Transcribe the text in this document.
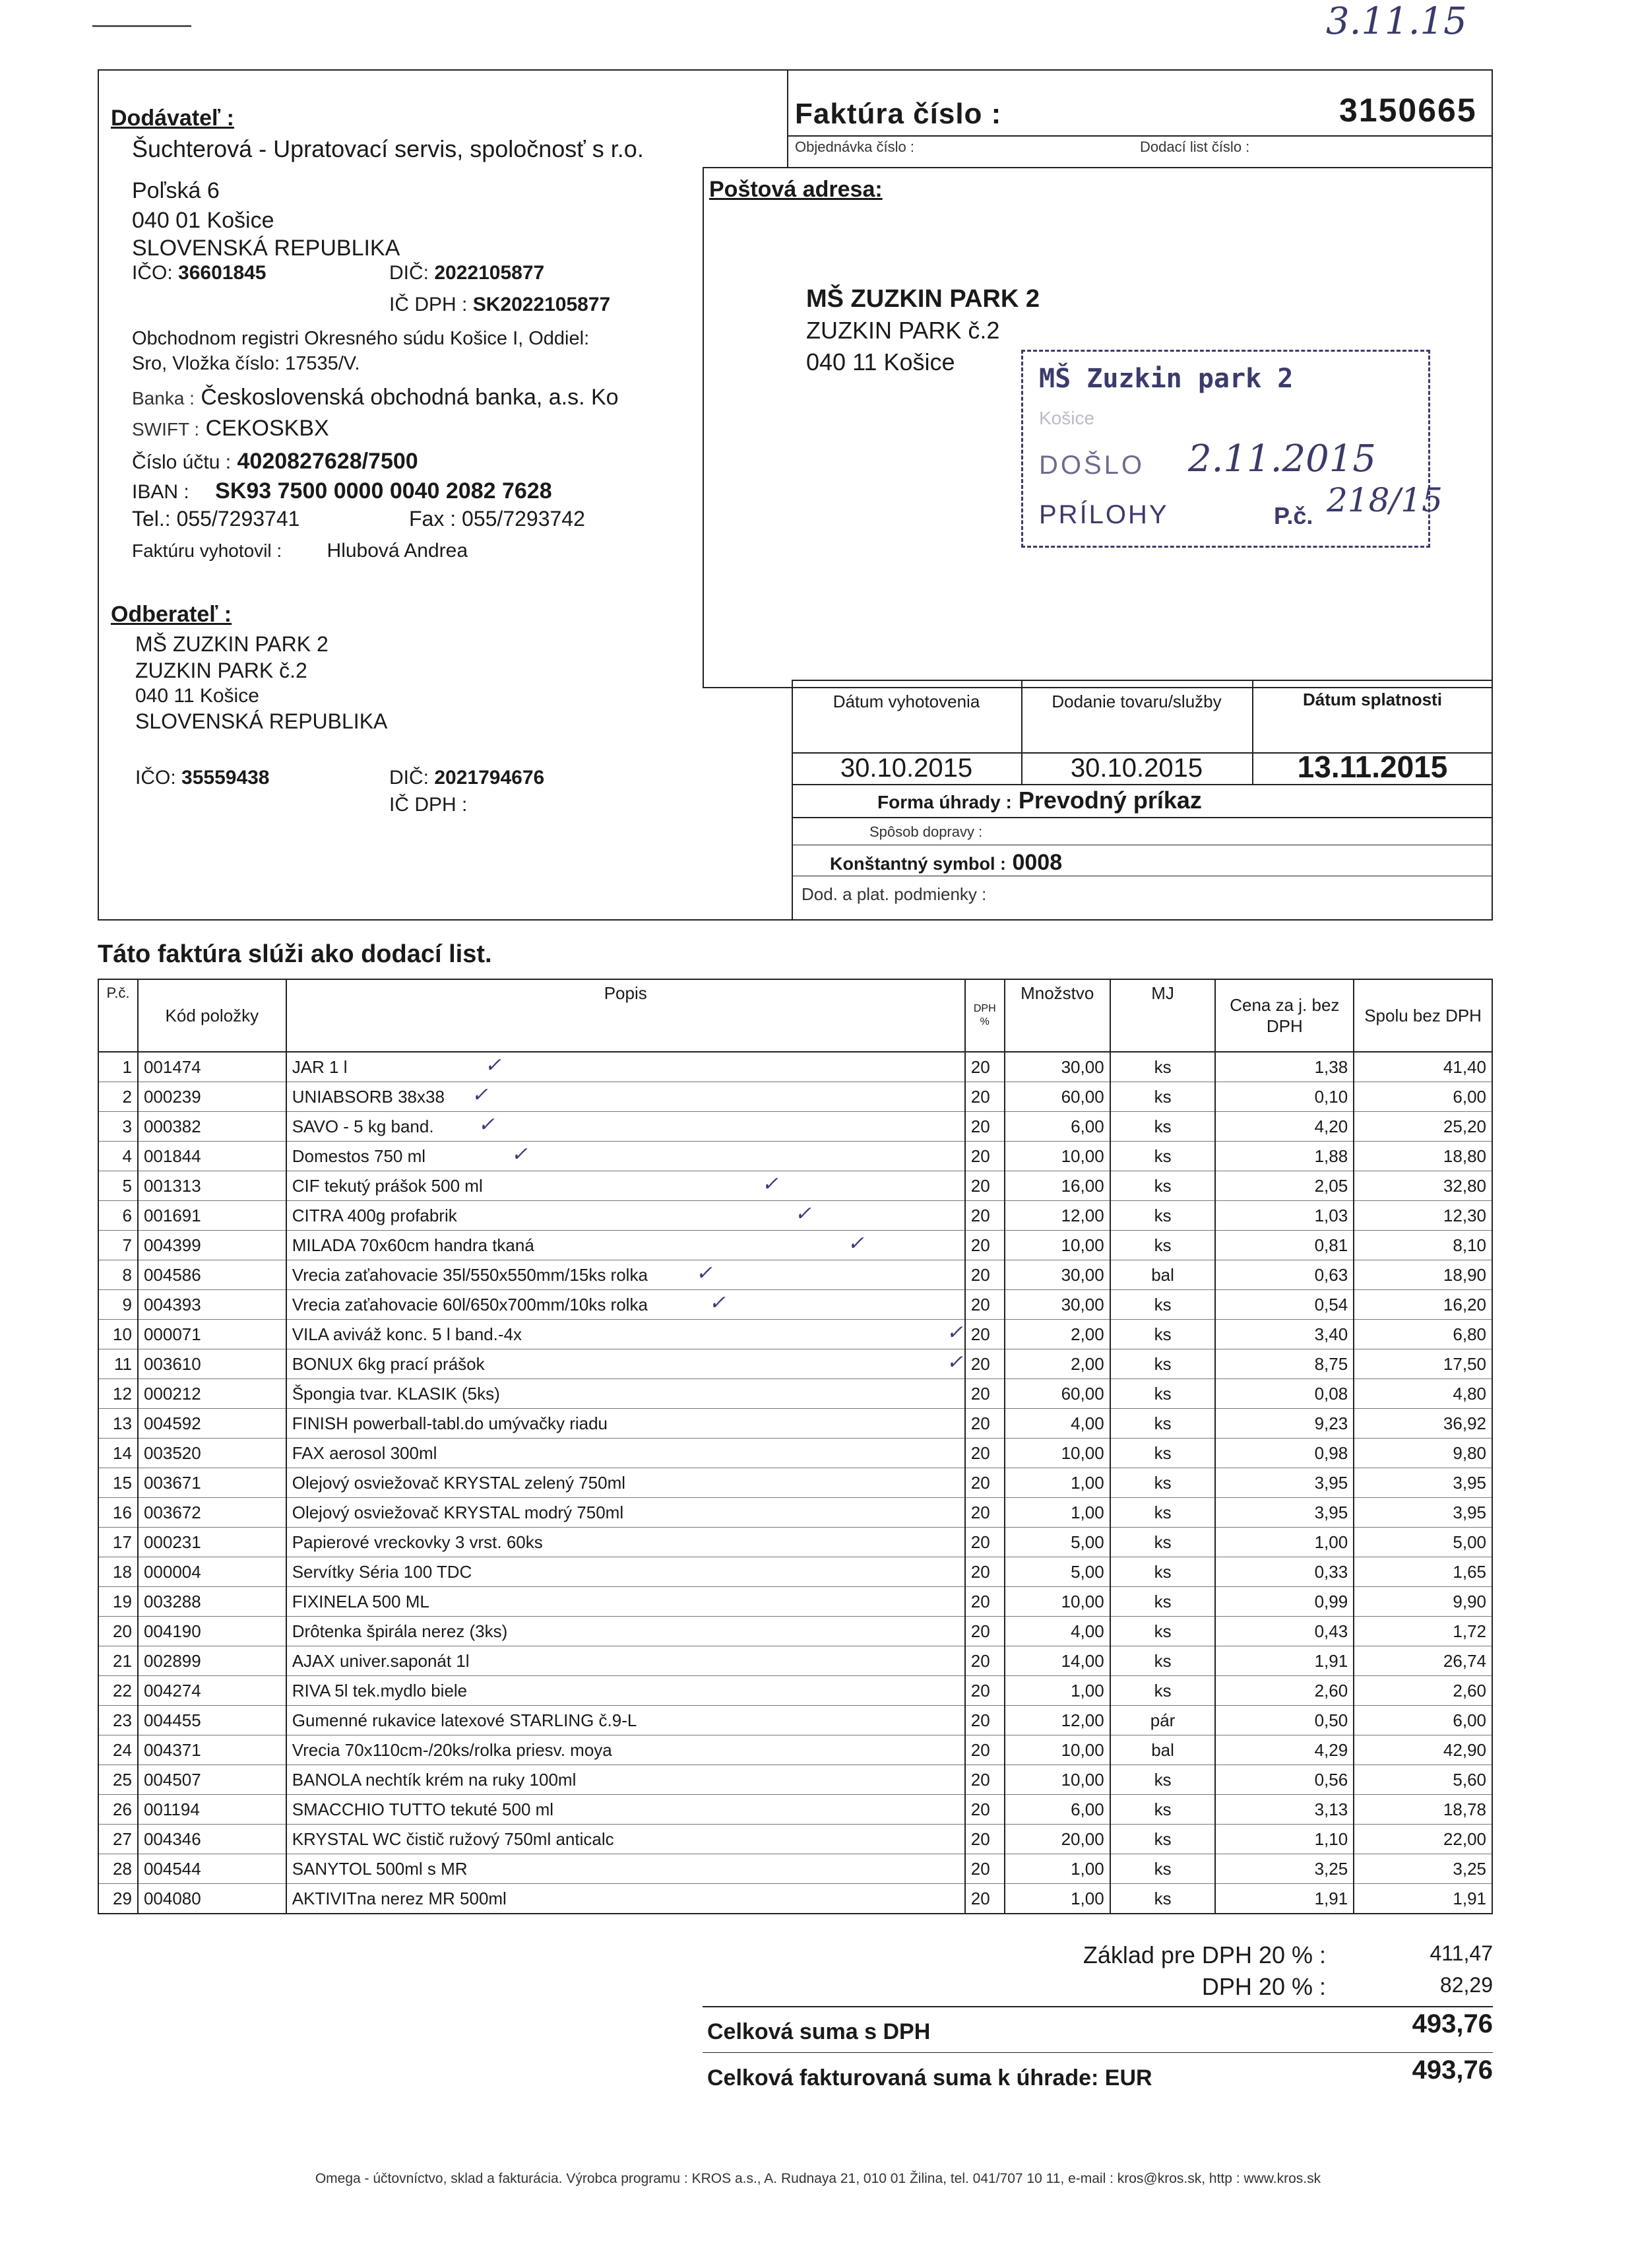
3.11.15
Dodávateľ :
Šuchterová - Upratovací servis, spoločnosť s r.o.
Poľská 6
040 01 Košice
SLOVENSKÁ REPUBLIKA
IČO: 36601845	DIČ: 2022105877
IČ DPH : SK2022105877
Obchodnom registri Okresného súdu Košice I, Oddiel:
Sro, Vložka číslo: 17535/V.
Banka : Československá obchodná banka, a.s. Ko
SWIFT : CEKOSKBX
Číslo účtu : 4020827628/7500
IBAN : SK93 7500 0000 0040 2082 7628
Tel.: 055/7293741	Fax : 055/7293742
Faktúru vyhotovil : Hlubová Andrea
Faktúra číslo :	3150665
Objednávka číslo :	Dodací list číslo :
Poštová adresa:
MŠ ZUZKIN PARK 2
ZUZKIN PARK č.2
040 11 Košice
MŠ Zuzkin park 2
Košice
DOŠLO 2.11.2015
PRÍLOHY	P.č. 218/15
Odberateľ :
MŠ ZUZKIN PARK 2
ZUZKIN PARK č.2
040 11 Košice
SLOVENSKÁ REPUBLIKA
IČO: 35559438	DIČ: 2021794676
IČ DPH :
Dátum vyhotovenia	Dodanie tovaru/služby	Dátum splatnosti
30.10.2015	30.10.2015	13.11.2015
Forma úhrady : Prevodný príkaz
Spôsob dopravy :
Konštantný symbol : 0008
Dod. a plat. podmienky :
Táto faktúra slúži ako dodací list.
P.č.	Kód položky	Popis	DPH %	Množstvo	MJ	Cena za j. bez DPH	Spolu bez DPH
1	001474	JAR 1 l ✓	20	30,00	ks	1,38	41,40
2	000239	UNIABSORB 38x38 ✓	20	60,00	ks	0,10	6,00
3	000382	SAVO - 5 kg band. ✓	20	6,00	ks	4,20	25,20
4	001844	Domestos 750 ml ✓	20	10,00	ks	1,88	18,80
5	001313	CIF tekutý prášok 500 ml ✓	20	16,00	ks	2,05	32,80
6	001691	CITRA 400g profabrik ✓	20	12,00	ks	1,03	12,30
7	004399	MILADA 70x60cm handra tkaná ✓	20	10,00	ks	0,81	8,10
8	004586	Vrecia zaťahovacie 35l/550x550mm/15ks rolka ✓	20	30,00	bal	0,63	18,90
9	004393	Vrecia zaťahovacie 60l/650x700mm/10ks rolka ✓	20	30,00	ks	0,54	16,20
10	000071	VILA aviváž konc. 5 l band.-4x ✓	20	2,00	ks	3,40	6,80
11	003610	BONUX 6kg prací prášok ✓	20	2,00	ks	8,75	17,50
12	000212	Špongia tvar. KLASIK (5ks)	20	60,00	ks	0,08	4,80
13	004592	FINISH powerball-tabl.do umývačky riadu	20	4,00	ks	9,23	36,92
14	003520	FAX aerosol 300ml	20	10,00	ks	0,98	9,80
15	003671	Olejový osviežovač KRYSTAL zelený 750ml	20	1,00	ks	3,95	3,95
16	003672	Olejový osviežovač KRYSTAL modrý 750ml	20	1,00	ks	3,95	3,95
17	000231	Papierové vreckovky 3 vrst. 60ks	20	5,00	ks	1,00	5,00
18	000004	Servítky Séria 100 TDC	20	5,00	ks	0,33	1,65
19	003288	FIXINELA 500 ML	20	10,00	ks	0,99	9,90
20	004190	Drôtenka špirála nerez (3ks)	20	4,00	ks	0,43	1,72
21	002899	AJAX univer.saponát 1l	20	14,00	ks	1,91	26,74
22	004274	RIVA 5l tek.mydlo biele	20	1,00	ks	2,60	2,60
23	004455	Gumenné rukavice latexové STARLING č.9-L	20	12,00	pár	0,50	6,00
24	004371	Vrecia 70x110cm-/20ks/rolka priesv. moya	20	10,00	bal	4,29	42,90
25	004507	BANOLA nechtík krém na ruky 100ml	20	10,00	ks	0,56	5,60
26	001194	SMACCHIO TUTTO tekuté 500 ml	20	6,00	ks	3,13	18,78
27	004346	KRYSTAL WC čistič ružový 750ml anticalc	20	20,00	ks	1,10	22,00
28	004544	SANYTOL 500ml s MR	20	1,00	ks	3,25	3,25
29	004080	AKTIVITna nerez MR 500ml	20	1,00	ks	1,91	1,91
Základ pre DPH 20 % :	411,47
DPH 20 % :	82,29
Celková suma s DPH	493,76
Celková fakturovaná suma k úhrade: EUR	493,76
Omega - účtovníctvo, sklad a fakturácia. Výrobca programu : KROS a.s., A. Rudnaya 21, 010 01 Žilina, tel. 041/707 10 11, e-mail : kros@kros.sk, http : www.kros.sk
